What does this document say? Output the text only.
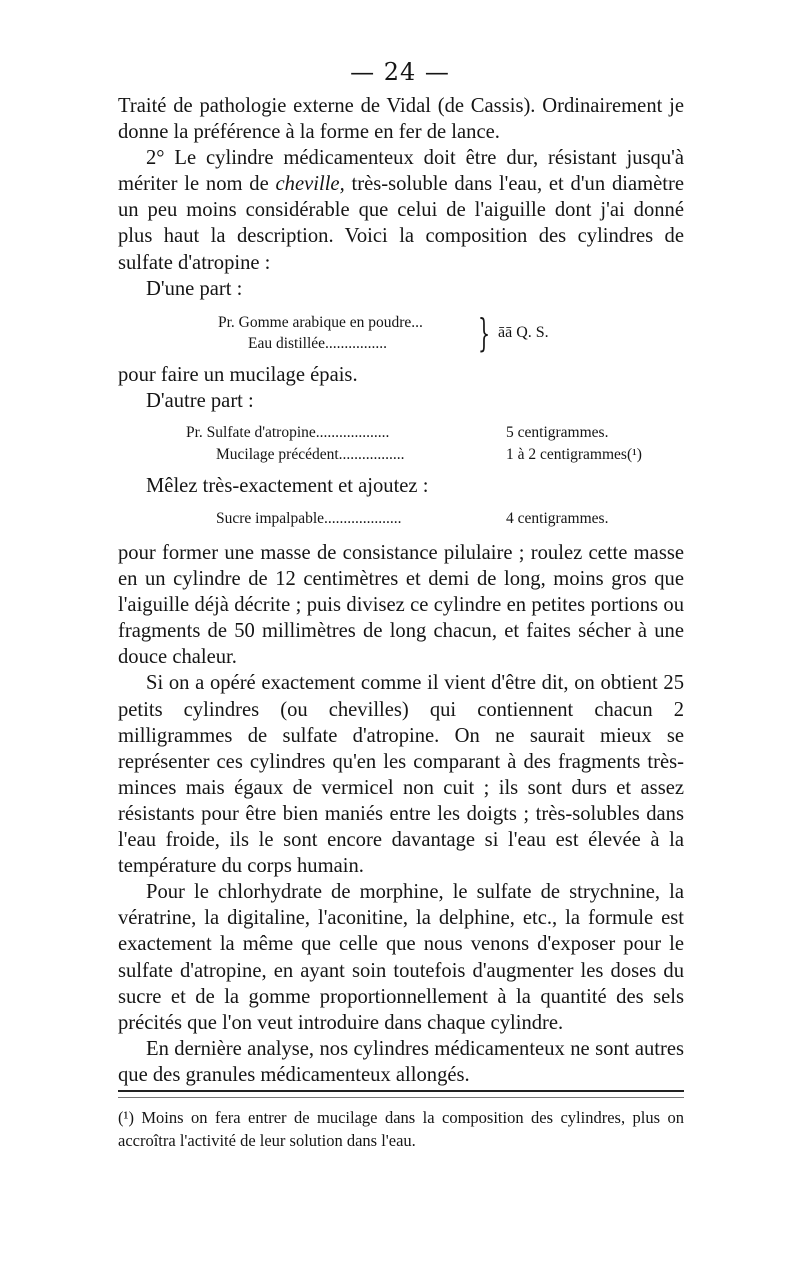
— 24 —

Traité de pathologie externe de Vidal (de Cassis). Ordinairement je donne la préférence à la forme en fer de lance.

2° Le cylindre médicamenteux doit être dur, résistant jusqu'à mériter le nom de cheville, très-soluble dans l'eau, et d'un diamètre un peu moins considérable que celui de l'aiguille dont j'ai donné plus haut la description. Voici la composition des cylindres de sulfate d'atropine :

D'une part :

Pr. Gomme arabique en poudre...
Eau distillée................ } āā Q. S.

pour faire un mucilage épais.

D'autre part :

Pr. Sulfate d'atropine...................	5 centigrammes.
Mucilage précédent.................	1 à 2 centigrammes(¹)

Mêlez très-exactement et ajoutez :

Sucre impalpable....................	4 centigrammes.

pour former une masse de consistance pilulaire ; roulez cette masse en un cylindre de 12 centimètres et demi de long, moins gros que l'aiguille déjà décrite ; puis divisez ce cylindre en petites portions ou fragments de 50 millimètres de long chacun, et faites sécher à une douce chaleur.

Si on a opéré exactement comme il vient d'être dit, on obtient 25 petits cylindres (ou chevilles) qui contiennent chacun 2 milligrammes de sulfate d'atropine. On ne saurait mieux se représenter ces cylindres qu'en les comparant à des fragments très-minces mais égaux de vermicel non cuit ; ils sont durs et assez résistants pour être bien maniés entre les doigts ; très-solubles dans l'eau froide, ils le sont encore davantage si l'eau est élevée à la température du corps humain.

Pour le chlorhydrate de morphine, le sulfate de strychnine, la vératrine, la digitaline, l'aconitine, la delphine, etc., la formule est exactement la même que celle que nous venons d'exposer pour le sulfate d'atropine, en ayant soin toutefois d'augmenter les doses du sucre et de la gomme proportionnellement à la quantité des sels précités que l'on veut introduire dans chaque cylindre.

En dernière analyse, nos cylindres médicamenteux ne sont autres que des granules médicamenteux allongés.

(¹) Moins on fera entrer de mucilage dans la composition des cylindres, plus on accroîtra l'activité de leur solution dans l'eau.
